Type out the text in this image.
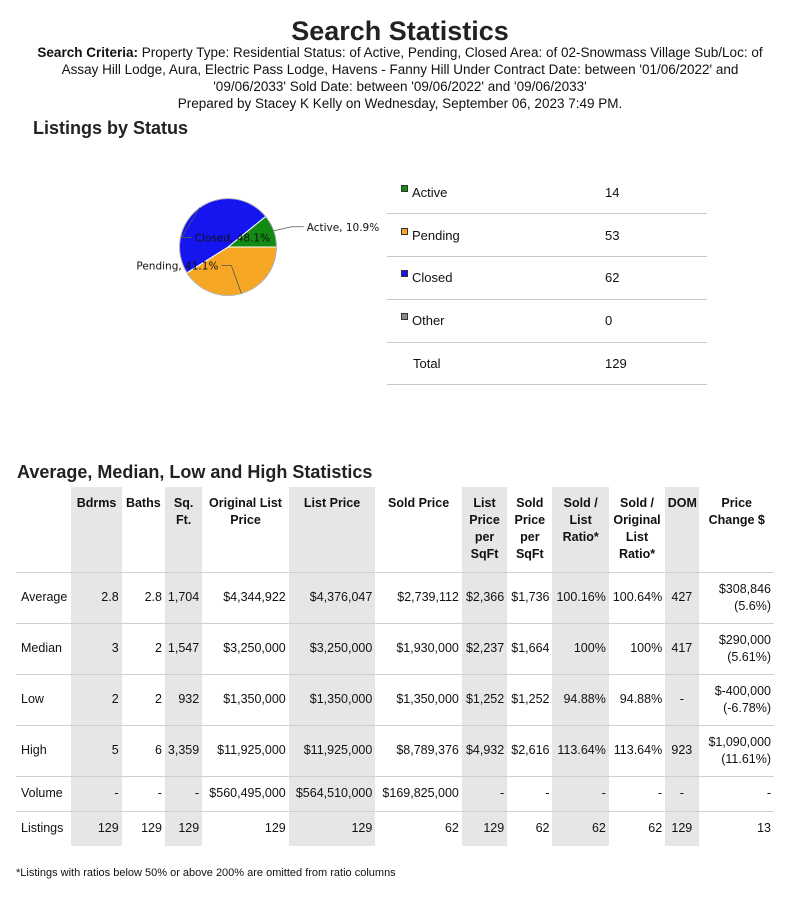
Search Statistics
Search Criteria: Property Type: Residential Status: of Active, Pending, Closed Area: of 02-Snowmass Village Sub/Loc: of Assay Hill Lodge, Aura, Electric Pass Lodge, Havens - Fanny Hill Under Contract Date: between '01/06/2022' and '09/06/2033' Sold Date: between '09/06/2022' and '09/06/2033'
Prepared by Stacey K Kelly on Wednesday, September 06, 2023 7:49 PM.
Listings by Status
Active, 10.9%
Pending, 41.1%
Closed, 48.1%
Active	14
Pending	53
Closed	62
Other	0
Total	129
Average, Median, Low and High Statistics
	Bdrms	Baths	Sq. Ft.	Original List Price	List Price	Sold Price	List Price per SqFt	Sold Price per SqFt	Sold / List Ratio*	Sold / Original List Ratio*	DOM	Price Change $
Average	2.8	2.8	1,704	$4,344,922	$4,376,047	$2,739,112	$2,366	$1,736	100.16%	100.64%	427	$308,846
(5.6%)
Median	3	2	1,547	$3,250,000	$3,250,000	$1,930,000	$2,237	$1,664	100%	100%	417	$290,000
(5.61%)
Low	2	2	932	$1,350,000	$1,350,000	$1,350,000	$1,252	$1,252	94.88%	94.88%	-	$-400,000
(-6.78%)
High	5	6	3,359	$11,925,000	$11,925,000	$8,789,376	$4,932	$2,616	113.64%	113.64%	923	$1,090,000
(11.61%)
Volume	-	-	-	$560,495,000	$564,510,000	$169,825,000	-	-	-	-	-	-
Listings	129	129	129	129	129	62	129	62	62	62	129	13
*Listings with ratios below 50% or above 200% are omitted from ratio columns
